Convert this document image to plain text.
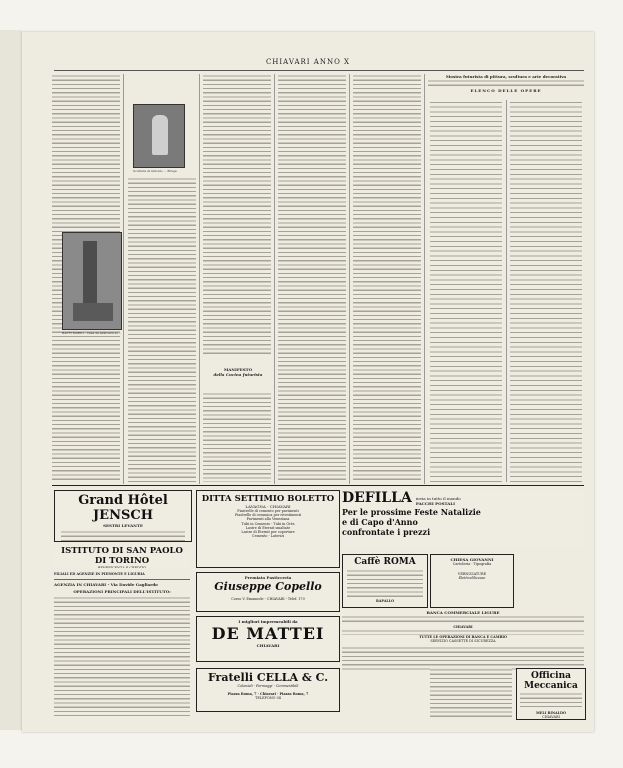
CHIAVARI ANNO X
Scultura di Antonio ... Bruga
BAFFI MARIO - Casa da edificarsi ai ...
MANIFESTO
della Cucina futurista
Mostra futurista di pittura, scultura e arte decorativa
ELENCO DELLE OPERE
Grand Hôtel JENSCH
SESTRI LEVANTE
DITTA SETTIMIO BOLETTO
LAVAGNA - CHIAVARI
Piastrelle di cemento per pavimenti
Piastrelle di ceramica per rivestimenti
Pavimenti alla Veneziana
Tubi in Cemento - Tubi in Grès
Lastre di Eternit smaltate
Lastre di Eternit per coperture
Cemento - Laterizi
DEFILLA invia in tutto il mondo
PACCHI POSTALI
Per le prossime Feste Natalizie
e di Capo d'Anno
confrontate i prezzi
ISTITUTO DI SAN PAOLO DI TORINO
BENEFICENZA E CREDITO
FILIALI ED AGENZIE IN PIEMONTE E LIGURIA
AGENZIA IN CHIAVARI - Via Davide Gagliardo
OPERAZIONI PRINCIPALI DELL'ISTITUTO:
Premiata Pasticceria
Giuseppe Copello
Corso V. Emanuele - CHIAVARI - Telef. 170
Caffè ROMA
RAPALLO
CHIESA GIOVANNI
Cartoleria - Tipografia
VERNICIATURE
Elettrodilicesse
I migliori impermeabili da
DE MATTEI
CHIAVARI
BANCA COMMERCIALE LIGURE
CHIAVARI
TUTTE LE OPERAZIONI DI BANCA E CAMBIO
SERVIZIO CASSETTE DI SICUREZZA
Fratelli CELLA & C.
Coloniali - Formaggi - Commestibili
Piazza Roma, 7 · Chiavari · Piazza Roma, 7
TELEFONO 94
Officina Meccanica
MELI RINALDO
CHIAVARI
